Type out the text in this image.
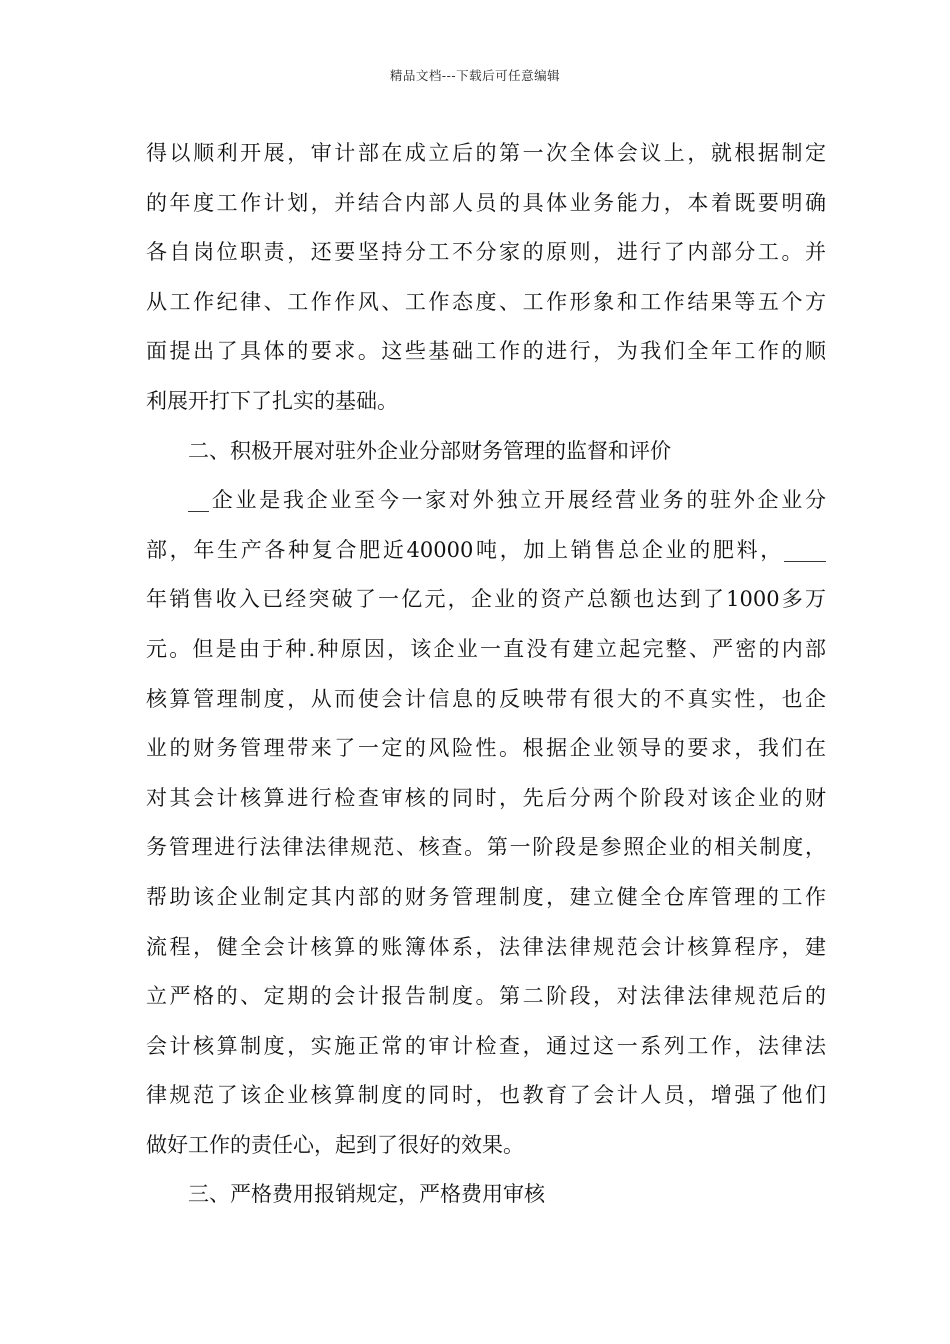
精品文档---下载后可任意编辑
得以顺利开展，审计部在成立后的第一次全体会议上，就根据制定
的年度工作计划，并结合内部人员的具体业务能力，本着既要明确
各自岗位职责，还要坚持分工不分家的原则，进行了内部分工。并
从工作纪律、工作作风、工作态度、工作形象和工作结果等五个方
面提出了具体的要求。这些基础工作的进行，为我们全年工作的顺
利展开打下了扎实的基础。
二、积极开展对驻外企业分部财务管理的监督和评价
__企业是我企业至今一家对外独立开展经营业务的驻外企业分
部，年生产各种复合肥近40000吨，加上销售总企业的肥料，____
年销售收入已经突破了一亿元，企业的资产总额也达到了1000多万
元。但是由于种.种原因，该企业一直没有建立起完整、严密的内部
核算管理制度，从而使会计信息的反映带有很大的不真实性，也企
业的财务管理带来了一定的风险性。根据企业领导的要求，我们在
对其会计核算进行检查审核的同时，先后分两个阶段对该企业的财
务管理进行法律法律规范、核查。第一阶段是参照企业的相关制度，
帮助该企业制定其内部的财务管理制度，建立健全仓库管理的工作
流程，健全会计核算的账簿体系，法律法律规范会计核算程序，建
立严格的、定期的会计报告制度。第二阶段，对法律法律规范后的
会计核算制度，实施正常的审计检查，通过这一系列工作，法律法
律规范了该企业核算制度的同时，也教育了会计人员，增强了他们
做好工作的责任心，起到了很好的效果。
三、严格费用报销规定，严格费用审核
